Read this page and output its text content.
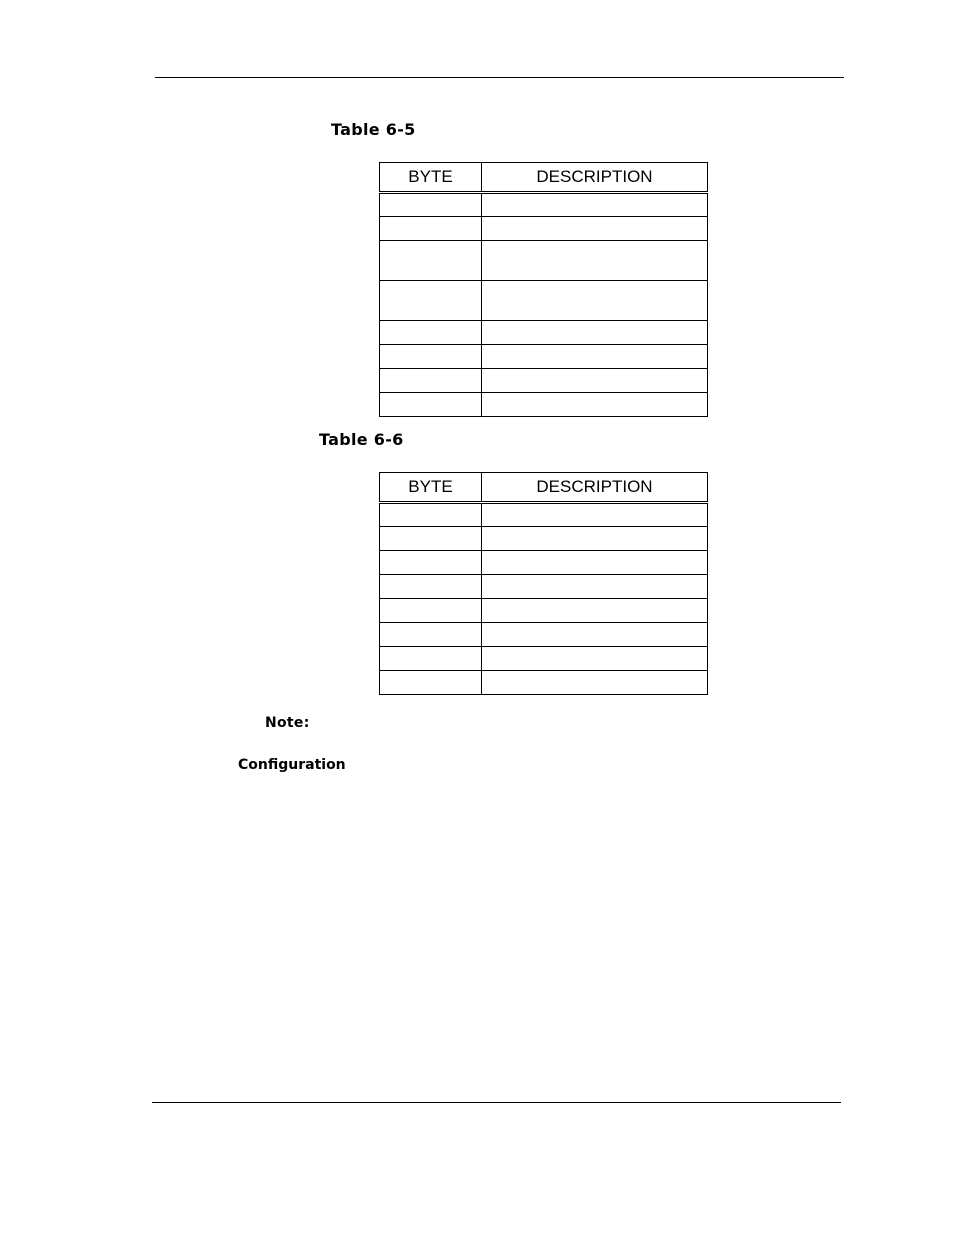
Table 6-5
BYTE	DESCRIPTION

Table 6-6
BYTE	DESCRIPTION

Note:
Configuration
